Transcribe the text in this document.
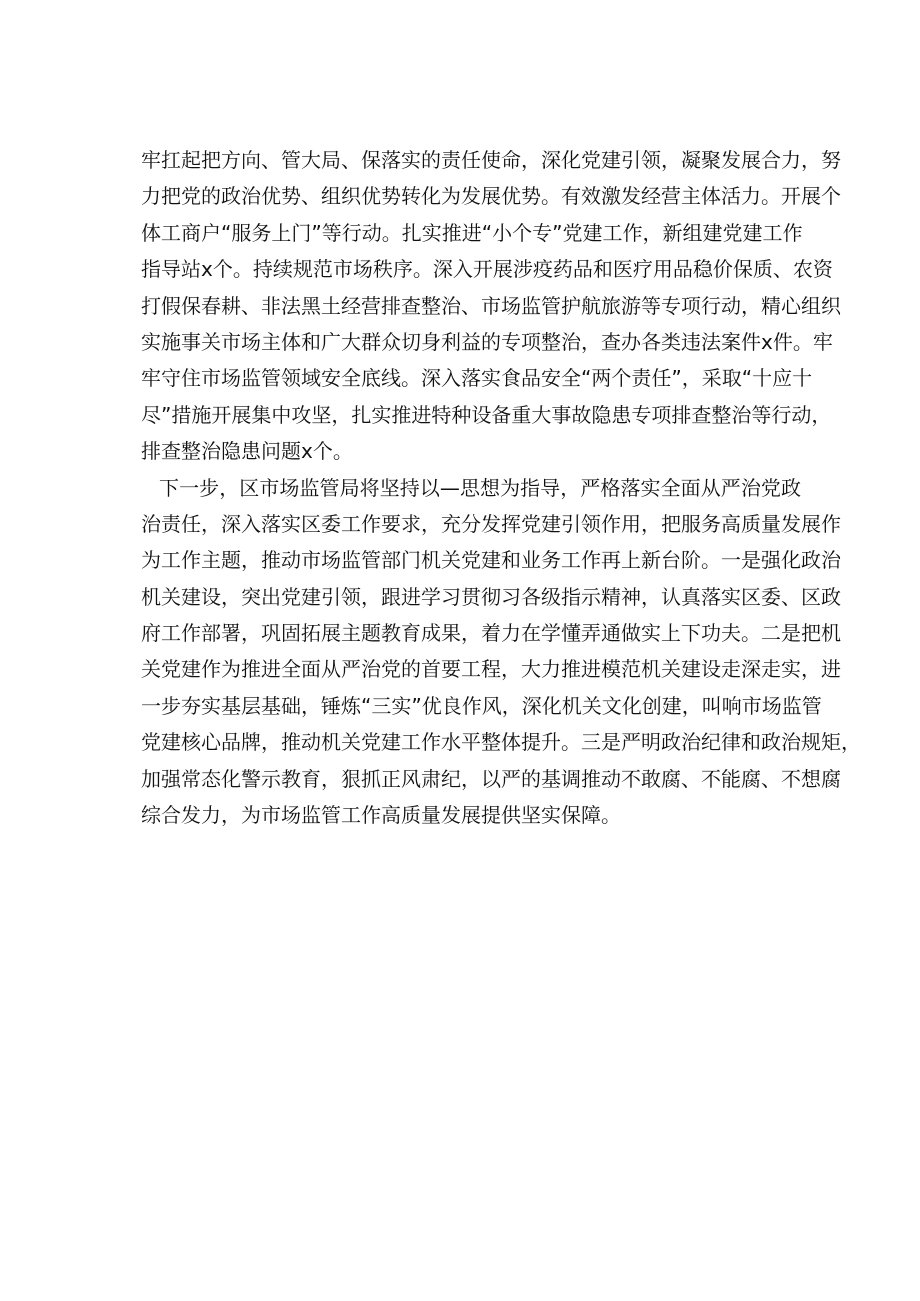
牢扛起把方向、管大局、保落实的责任使命，深化党建引领，凝聚发展合力，努
力把党的政治优势、组织优势转化为发展优势。有效激发经营主体活力。开展个
体工商户“服务上门”等行动。扎实推进“小个专”党建工作，新组建党建工作
指导站x个。持续规范市场秩序。深入开展涉疫药品和医疗用品稳价保质、农资
打假保春耕、非法黑土经营排查整治、市场监管护航旅游等专项行动，精心组织
实施事关市场主体和广大群众切身利益的专项整治，查办各类违法案件x件。牢
牢守住市场监管领域安全底线。深入落实食品安全“两个责任”，采取“十应十
尽”措施开展集中攻坚，扎实推进特种设备重大事故隐患专项排查整治等行动，
排查整治隐患问题x个。
下一步，区市场监管局将坚持以—思想为指导，严格落实全面从严治党政
治责任，深入落实区委工作要求，充分发挥党建引领作用，把服务高质量发展作
为工作主题，推动市场监管部门机关党建和业务工作再上新台阶。一是强化政治
机关建设，突出党建引领，跟进学习贯彻习各级指示精神，认真落实区委、区政
府工作部署，巩固拓展主题教育成果，着力在学懂弄通做实上下功夫。二是把机
关党建作为推进全面从严治党的首要工程，大力推进模范机关建设走深走实，进
一步夯实基层基础，锤炼“三实”优良作风，深化机关文化创建，叫响市场监管
党建核心品牌，推动机关党建工作水平整体提升。三是严明政治纪律和政治规矩，
加强常态化警示教育，狠抓正风肃纪，以严的基调推动不敢腐、不能腐、不想腐
综合发力，为市场监管工作高质量发展提供坚实保障。
